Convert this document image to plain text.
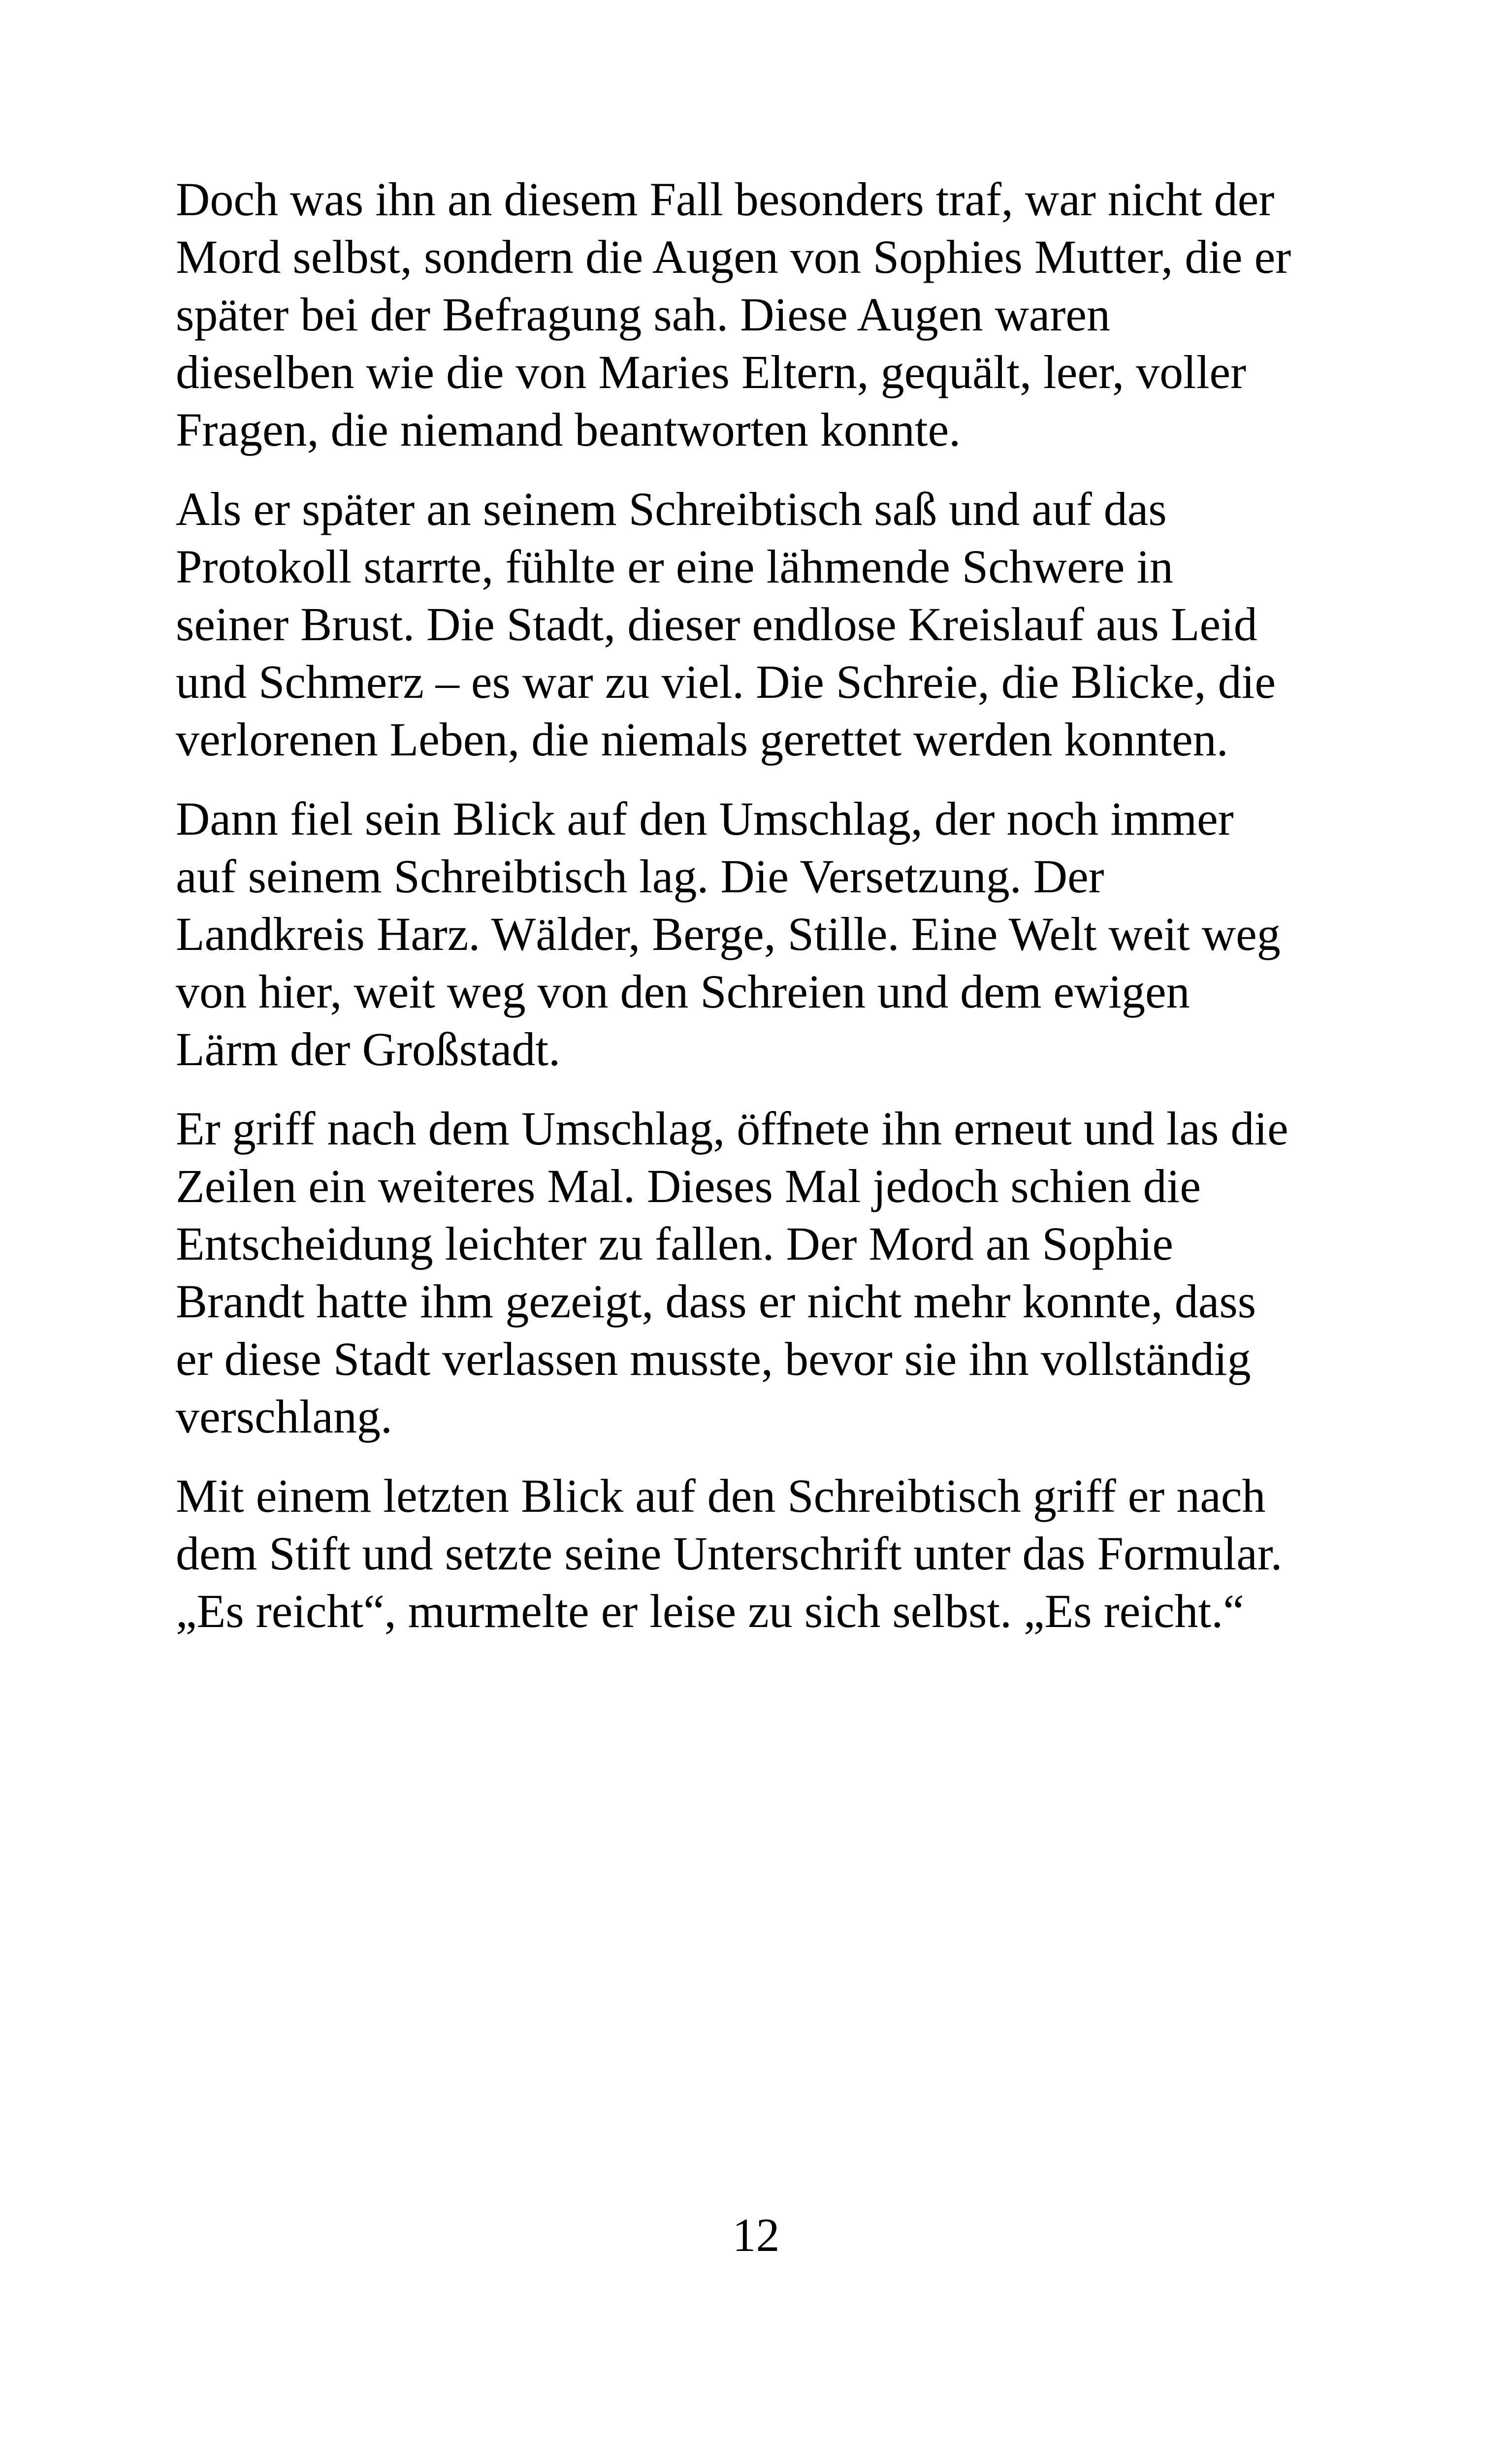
Doch was ihn an diesem Fall besonders traf, war nicht der
Mord selbst, sondern die Augen von Sophies Mutter, die er
später bei der Befragung sah. Diese Augen waren
dieselben wie die von Maries Eltern, gequält, leer, voller
Fragen, die niemand beantworten konnte.

Als er später an seinem Schreibtisch saß und auf das
Protokoll starrte, fühlte er eine lähmende Schwere in
seiner Brust. Die Stadt, dieser endlose Kreislauf aus Leid
und Schmerz – es war zu viel. Die Schreie, die Blicke, die
verlorenen Leben, die niemals gerettet werden konnten.

Dann fiel sein Blick auf den Umschlag, der noch immer
auf seinem Schreibtisch lag. Die Versetzung. Der
Landkreis Harz. Wälder, Berge, Stille. Eine Welt weit weg
von hier, weit weg von den Schreien und dem ewigen
Lärm der Großstadt.

Er griff nach dem Umschlag, öffnete ihn erneut und las die
Zeilen ein weiteres Mal. Dieses Mal jedoch schien die
Entscheidung leichter zu fallen. Der Mord an Sophie
Brandt hatte ihm gezeigt, dass er nicht mehr konnte, dass
er diese Stadt verlassen musste, bevor sie ihn vollständig
verschlang.

Mit einem letzten Blick auf den Schreibtisch griff er nach
dem Stift und setzte seine Unterschrift unter das Formular.
„Es reicht“, murmelte er leise zu sich selbst. „Es reicht.“

12
